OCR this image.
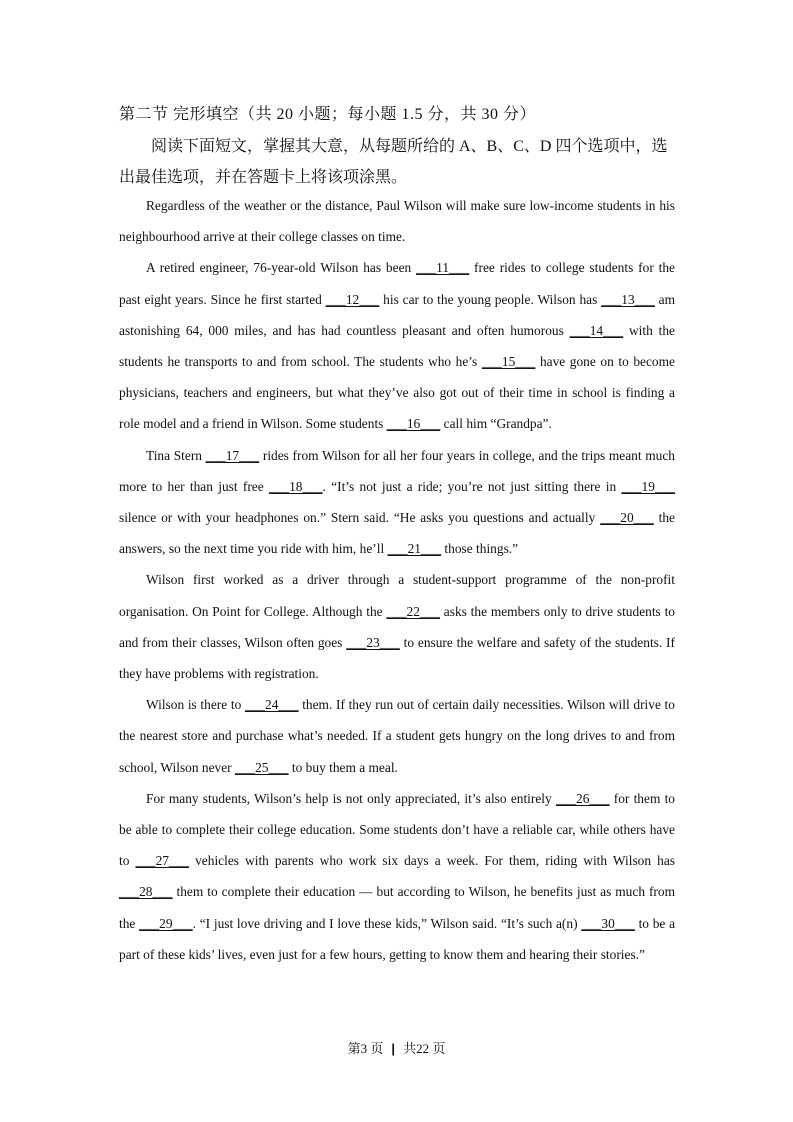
第二节 完形填空（共 20 小题；每小题 1.5 分，共 30 分）
阅读下面短文，掌握其大意，从每题所给的 A、B、C、D 四个选项中，选出最佳选项，并在答题卡上将该项涂黑。

Regardless of the weather or the distance, Paul Wilson will make sure low-income students in his neighbourhood arrive at their college classes on time.

A retired engineer, 76-year-old Wilson has been ___11___ free rides to college students for the past eight years. Since he first started ___12___ his car to the young people. Wilson has ___13___ am astonishing 64, 000 miles, and has had countless pleasant and often humorous ___14___ with the students he transports to and from school. The students who he’s ___15___ have gone on to become physicians, teachers and engineers, but what they’ve also got out of their time in school is finding a role model and a friend in Wilson. Some students ___16___ call him “Grandpa”.

Tina Stern ___17___ rides from Wilson for all her four years in college, and the trips meant much more to her than just free ___18___. “It’s not just a ride; you’re not just sitting there in ___19___ silence or with your headphones on.” Stern said. “He asks you questions and actually ___20___ the answers, so the next time you ride with him, he’ll ___21___ those things.”

Wilson first worked as a driver through a student-support programme of the non-profit organisation. On Point for College. Although the ___22___ asks the members only to drive students to and from their classes, Wilson often goes ___23___ to ensure the welfare and safety of the students. If they have problems with registration.

Wilson is there to ___24___ them. If they run out of certain daily necessities. Wilson will drive to the nearest store and purchase what’s needed. If a student gets hungry on the long drives to and from school, Wilson never ___25___ to buy them a meal.

For many students, Wilson’s help is not only appreciated, it’s also entirely ___26___ for them to be able to complete their college education. Some students don’t have a reliable car, while others have to ___27___ vehicles with parents who work six days a week. For them, riding with Wilson has ___28___ them to complete their education — but according to Wilson, he benefits just as much from the ___29___. “I just love driving and I love these kids,” Wilson said. “It’s such a(n) ___30___ to be a part of these kids’ lives, even just for a few hours, getting to know them and hearing their stories.”

第3 页 | 共22 页
